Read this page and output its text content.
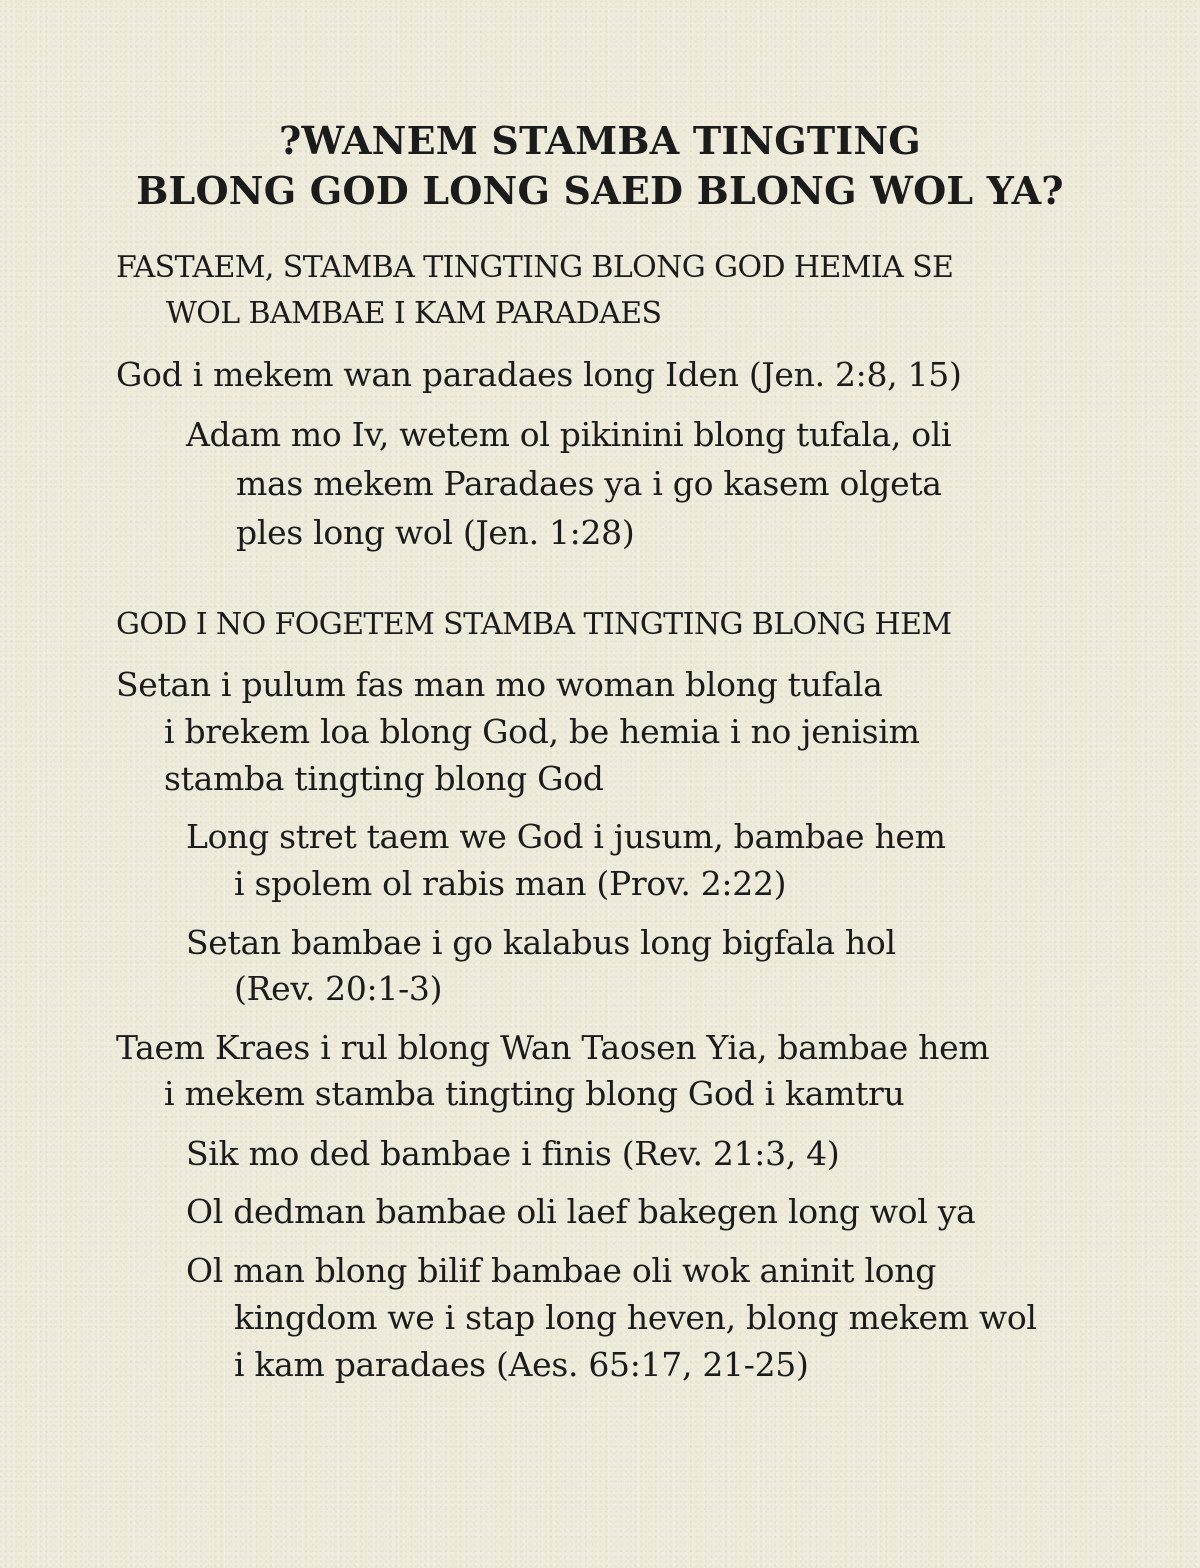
?WANEM STAMBA TINGTING
BLONG GOD LONG SAED BLONG WOL YA?
FASTAEM, STAMBA TINGTING BLONG GOD HEMIA SE
WOL BAMBAE I KAM PARADAES
God i mekem wan paradaes long Iden (Jen. 2:8, 15)
Adam mo Iv, wetem ol pikinini blong tufala, oli
mas mekem Paradaes ya i go kasem olgeta
ples long wol (Jen. 1:28)
GOD I NO FOGETEM STAMBA TINGTING BLONG HEM
Setan i pulum fas man mo woman blong tufala
i brekem loa blong God, be hemia i no jenisim
stamba tingting blong God
Long stret taem we God i jusum, bambae hem
i spolem ol rabis man (Prov. 2:22)
Setan bambae i go kalabus long bigfala hol
(Rev. 20:1-3)
Taem Kraes i rul blong Wan Taosen Yia, bambae hem
i mekem stamba tingting blong God i kamtru
Sik mo ded bambae i finis (Rev. 21:3, 4)
Ol dedman bambae oli laef bakegen long wol ya
Ol man blong bilif bambae oli wok aninit long
kingdom we i stap long heven, blong mekem wol
i kam paradaes (Aes. 65:17, 21-25)
